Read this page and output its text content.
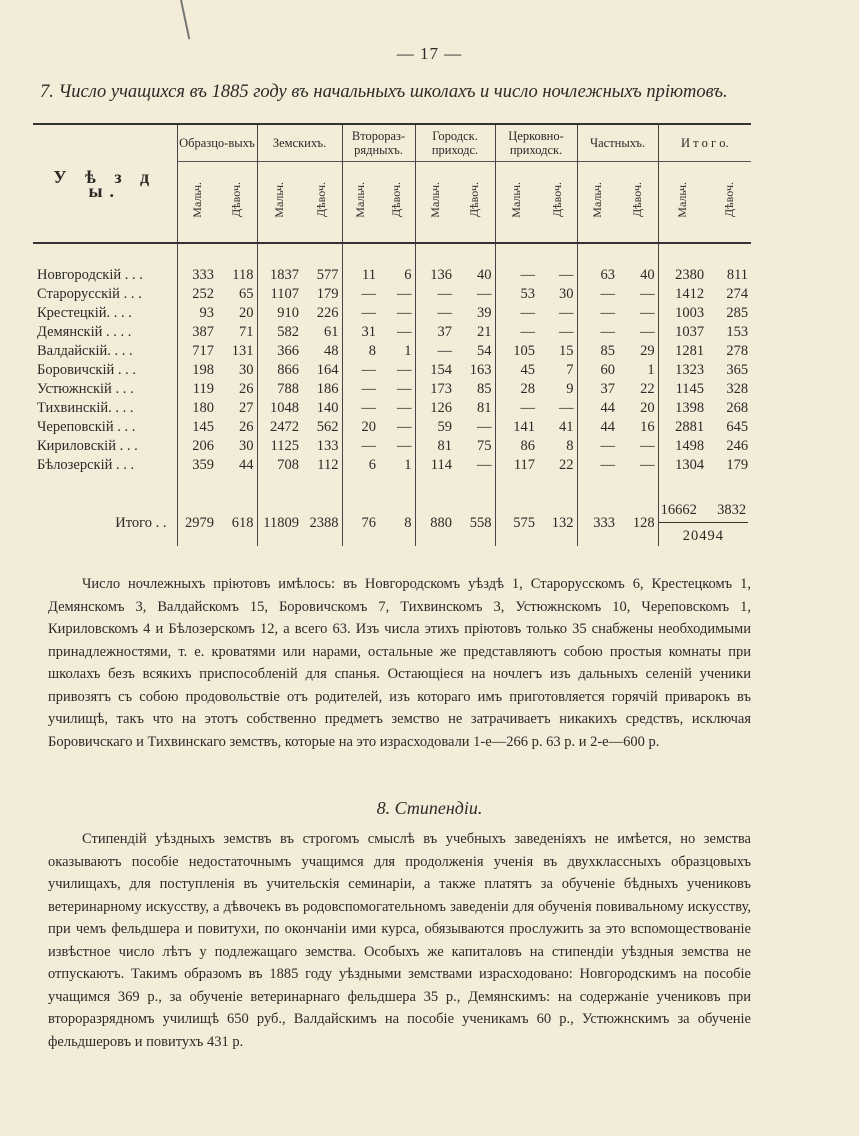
— 17 —
7. Число учащихся въ 1885 году въ начальныхъ школахъ и число ночлежныхъ пріютовъ.
У ѣ з д ы.	Образцо-выхъ		Земскихъ.		Второраз-рядныхъ.		Городск. приходс.		Церковно-приходск.		Частныхъ.		И т о г о.	
	Мальч.	Дѣвоч.	Мальч.	Дѣвоч.	Мальч.	Дѣвоч.	Мальч.	Дѣвоч.	Мальч.	Дѣвоч.	Мальч.	Дѣвоч.	Мальч.	Дѣвоч.

Новгородскій . . .	333	118	1837	577	11	6	136	40	—	—	63	40	2380	811
Старорусскій . . .	252	65	1107	179	—	—	—	—	53	30	—	—	1412	274
Крестецкій. . . .	93	20	910	226	—	—	—	39	—	—	—	—	1003	285
Демянскій . . . .	387	71	582	61	31	—	37	21	—	—	—	—	1037	153
Валдайскій. . . .	717	131	366	48	8	1	—	54	105	15	85	29	1281	278
Боровичскій . . .	198	30	866	164	—	—	154	163	45	7	60	1	1323	365
Устюжнскій . . .	119	26	788	186	—	—	173	85	28	9	37	22	1145	328
Тихвинскій. . . .	180	27	1048	140	—	—	126	81	—	—	44	20	1398	268
Череповскій . . .	145	26	2472	562	20	—	59	—	141	41	44	16	2881	645
Кириловскій . . .	206	30	1125	133	—	—	81	75	86	8	—	—	1498	246
Бѣлозерскій . . .	359	44	708	112	6	1	114	—	117	22	—	—	1304	179

Итого . .	2979	618	11809	2388	76	8	880	558	575	132	333	128	16662 3832
20494	

Число ночлежныхъ пріютовъ имѣлось: въ Новгородскомъ уѣздѣ 1, Старорусскомъ 6, Крестецкомъ 1, Демянскомъ 3, Валдайскомъ 15, Боровичскомъ 7, Тихвинскомъ 3, Устюжнскомъ 10, Череповскомъ 1, Кириловскомъ 4 и Бѣлозерскомъ 12, а всего 63. Изъ числа этихъ пріютовъ только 35 снабжены необходимыми принадлежностями, т. е. кроватями или нарами, остальные же представляютъ собою простыя комнаты при школахъ безъ всякихъ приспособленій для спанья. Остающіеся на ночлегъ изъ дальныхъ селеній ученики привозятъ съ собою продовольствіе отъ родителей, изъ котораго имъ приготовляется горячій приварокъ въ училищѣ, такъ что на этотъ собственно предметъ земство не затрачиваетъ никакихъ средствъ, исключая Боровичскаго и Тихвинскаго земствъ, которые на это израсходовали 1-е—266 р. 63 р. и 2-е—600 р.

8. Стипендіи.

Стипендій уѣздныхъ земствъ въ строгомъ смыслѣ въ учебныхъ заведеніяхъ не имѣется, но земства оказываютъ пособіе недостаточнымъ учащимся для продолженія ученія въ двухклассныхъ образцовыхъ училищахъ, для поступленія въ учительскія семинаріи, а также платятъ за обученіе бѣдныхъ учениковъ ветеринарному искусству, а дѣвочекъ въ родовспомогательномъ заведеніи для обученія повивальному искусству, при чемъ фельдшера и повитухи, по окончаніи ими курса, обязываются прослужить за это вспомоществованіе извѣстное число лѣтъ у подлежащаго земства. Особыхъ же капиталовъ на стипендіи уѣздныя земства не отпускаютъ. Такимъ образомъ въ 1885 году уѣздными земствами израсходовано: Новгородскимъ на пособіе учащимся 369 р., за обученіе ветеринарнаго фельдшера 35 р., Демянскимъ: на содержаніе учениковъ при второразрядномъ училищѣ 650 руб., Валдайскимъ на пособіе ученикамъ 60 р., Устюжнскимъ за обученіе фельдшеровъ и повитухъ 431 р.
